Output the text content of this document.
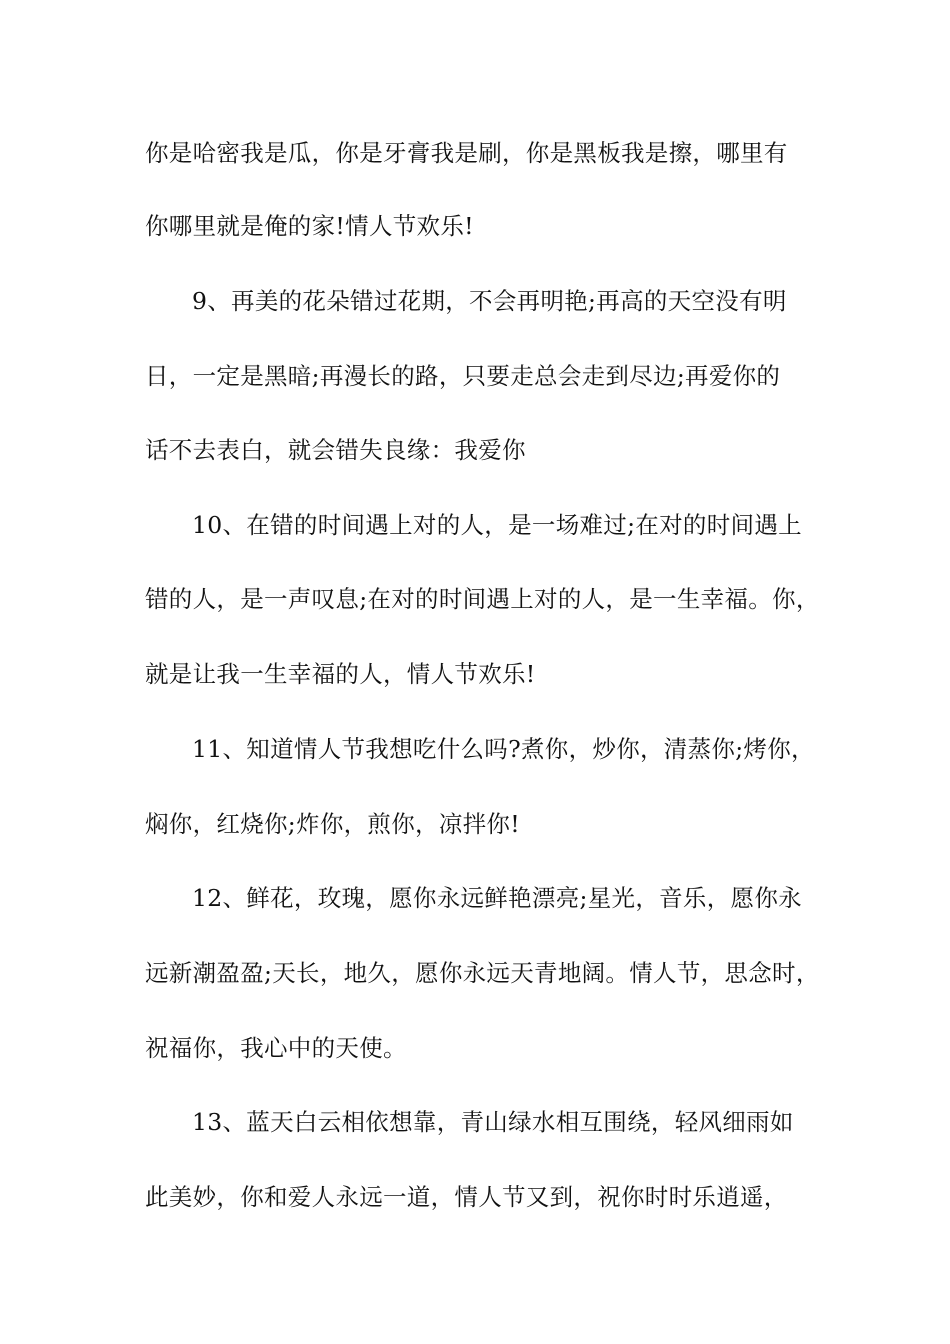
你是哈密我是瓜，你是牙膏我是刷，你是黑板我是擦，哪里有
你哪里就是俺的家!情人节欢乐!
9、再美的花朵错过花期，不会再明艳;再高的天空没有明
日，一定是黑暗;再漫长的路，只要走总会走到尽边;再爱你的
话不去表白，就会错失良缘：我爱你
10、在错的时间遇上对的人，是一场难过;在对的时间遇上
错的人，是一声叹息;在对的时间遇上对的人，是一生幸福。你，
就是让我一生幸福的人，情人节欢乐!
11、知道情人节我想吃什么吗?煮你，炒你，清蒸你;烤你，
焖你，红烧你;炸你，煎你，凉拌你!
12、鲜花，玫瑰，愿你永远鲜艳漂亮;星光，音乐，愿你永
远新潮盈盈;天长，地久，愿你永远天青地阔。情人节，思念时，
祝福你，我心中的天使。
13、蓝天白云相依想靠，青山绿水相互围绕，轻风细雨如
此美妙，你和爱人永远一道，情人节又到，祝你时时乐逍遥，
